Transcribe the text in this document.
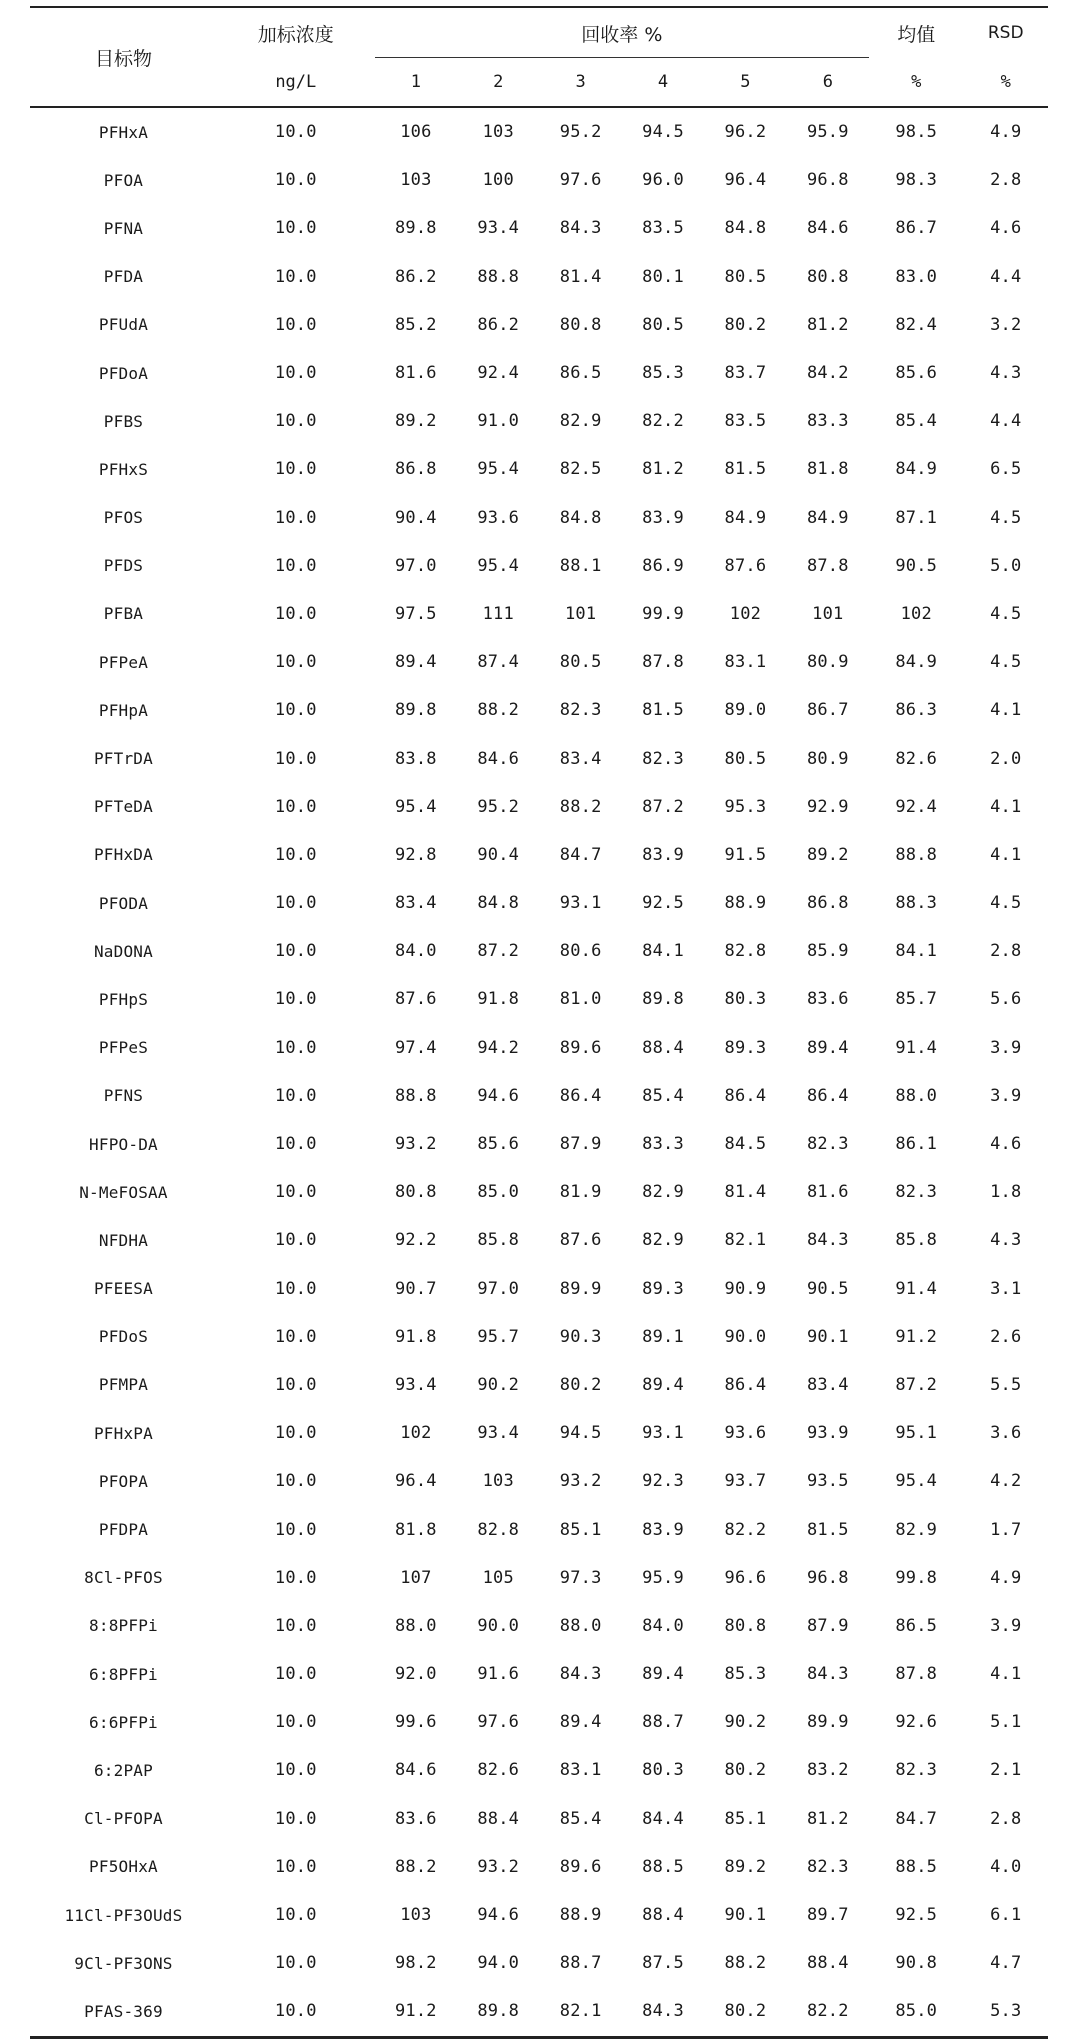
目标物	加标浓度	回收率 %						均值	RSD
	ng/L	1	2	3	4	5	6	%	%
PFHxA	10.0	106	103	95.2	94.5	96.2	95.9	98.5	4.9
PFOA	10.0	103	100	97.6	96.0	96.4	96.8	98.3	2.8
PFNA	10.0	89.8	93.4	84.3	83.5	84.8	84.6	86.7	4.6
PFDA	10.0	86.2	88.8	81.4	80.1	80.5	80.8	83.0	4.4
PFUdA	10.0	85.2	86.2	80.8	80.5	80.2	81.2	82.4	3.2
PFDoA	10.0	81.6	92.4	86.5	85.3	83.7	84.2	85.6	4.3
PFBS	10.0	89.2	91.0	82.9	82.2	83.5	83.3	85.4	4.4
PFHxS	10.0	86.8	95.4	82.5	81.2	81.5	81.8	84.9	6.5
PFOS	10.0	90.4	93.6	84.8	83.9	84.9	84.9	87.1	4.5
PFDS	10.0	97.0	95.4	88.1	86.9	87.6	87.8	90.5	5.0
PFBA	10.0	97.5	111	101	99.9	102	101	102	4.5
PFPeA	10.0	89.4	87.4	80.5	87.8	83.1	80.9	84.9	4.5
PFHpA	10.0	89.8	88.2	82.3	81.5	89.0	86.7	86.3	4.1
PFTrDA	10.0	83.8	84.6	83.4	82.3	80.5	80.9	82.6	2.0
PFTeDA	10.0	95.4	95.2	88.2	87.2	95.3	92.9	92.4	4.1
PFHxDA	10.0	92.8	90.4	84.7	83.9	91.5	89.2	88.8	4.1
PFODA	10.0	83.4	84.8	93.1	92.5	88.9	86.8	88.3	4.5
NaDONA	10.0	84.0	87.2	80.6	84.1	82.8	85.9	84.1	2.8
PFHpS	10.0	87.6	91.8	81.0	89.8	80.3	83.6	85.7	5.6
PFPeS	10.0	97.4	94.2	89.6	88.4	89.3	89.4	91.4	3.9
PFNS	10.0	88.8	94.6	86.4	85.4	86.4	86.4	88.0	3.9
HFPO-DA	10.0	93.2	85.6	87.9	83.3	84.5	82.3	86.1	4.6
N-MeFOSAA	10.0	80.8	85.0	81.9	82.9	81.4	81.6	82.3	1.8
NFDHA	10.0	92.2	85.8	87.6	82.9	82.1	84.3	85.8	4.3
PFEESA	10.0	90.7	97.0	89.9	89.3	90.9	90.5	91.4	3.1
PFDoS	10.0	91.8	95.7	90.3	89.1	90.0	90.1	91.2	2.6
PFMPA	10.0	93.4	90.2	80.2	89.4	86.4	83.4	87.2	5.5
PFHxPA	10.0	102	93.4	94.5	93.1	93.6	93.9	95.1	3.6
PFOPA	10.0	96.4	103	93.2	92.3	93.7	93.5	95.4	4.2
PFDPA	10.0	81.8	82.8	85.1	83.9	82.2	81.5	82.9	1.7
8Cl-PFOS	10.0	107	105	97.3	95.9	96.6	96.8	99.8	4.9
8:8PFPi	10.0	88.0	90.0	88.0	84.0	80.8	87.9	86.5	3.9
6:8PFPi	10.0	92.0	91.6	84.3	89.4	85.3	84.3	87.8	4.1
6:6PFPi	10.0	99.6	97.6	89.4	88.7	90.2	89.9	92.6	5.1
6:2PAP	10.0	84.6	82.6	83.1	80.3	80.2	83.2	82.3	2.1
Cl-PFOPA	10.0	83.6	88.4	85.4	84.4	85.1	81.2	84.7	2.8
PF5OHxA	10.0	88.2	93.2	89.6	88.5	89.2	82.3	88.5	4.0
11Cl-PF3OUdS	10.0	103	94.6	88.9	88.4	90.1	89.7	92.5	6.1
9Cl-PF3ONS	10.0	98.2	94.0	88.7	87.5	88.2	88.4	90.8	4.7
PFAS-369	10.0	91.2	89.8	82.1	84.3	80.2	82.2	85.0	5.3
